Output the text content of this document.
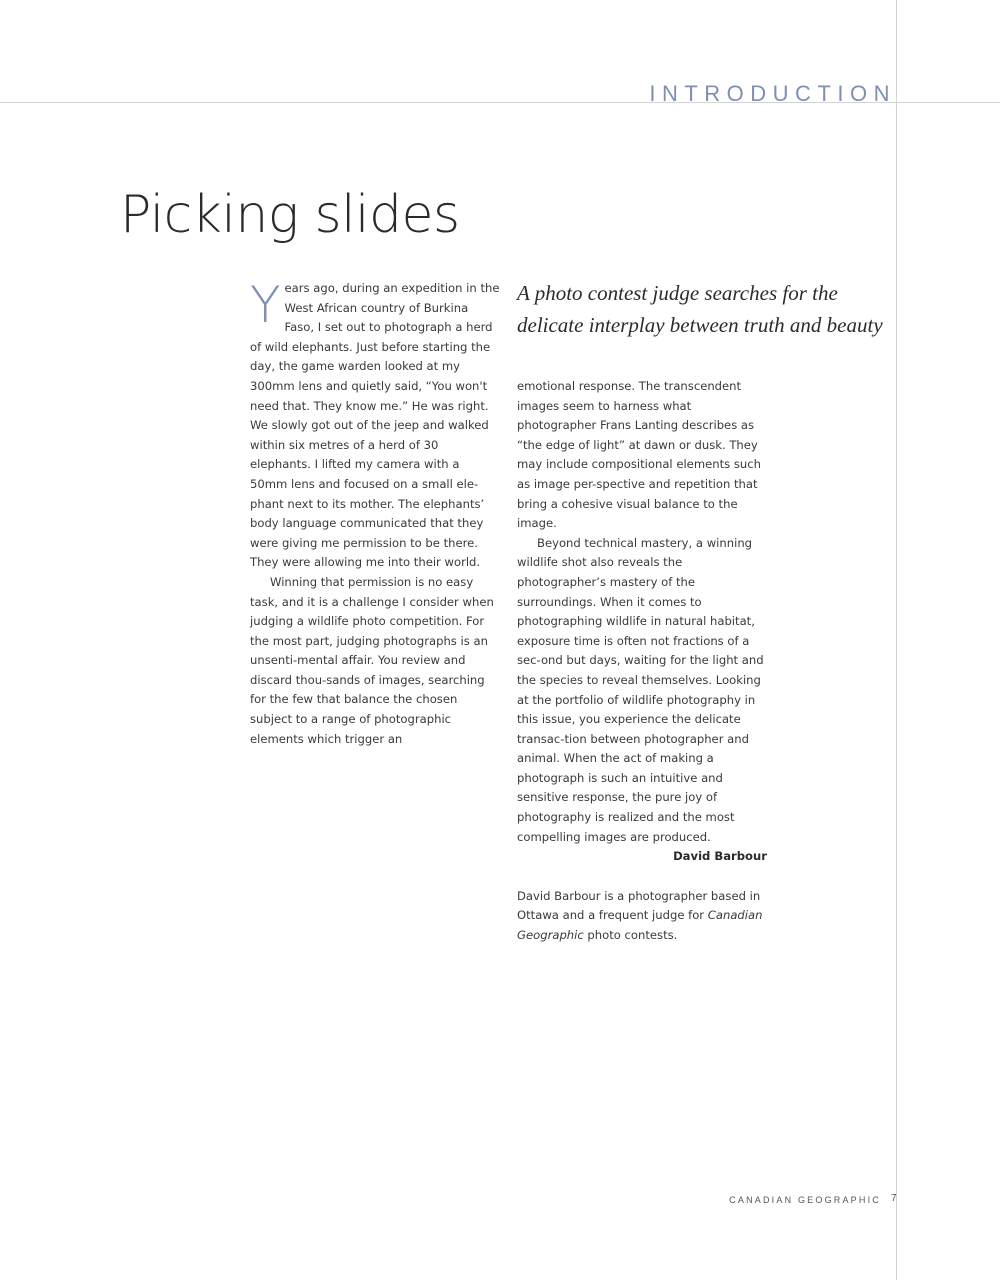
INTRODUCTION
Picking slides

Years ago, during an expedition in the West African country of Burkina Faso, I set out to photograph a herd of wild elephants. Just before starting the day, the game warden looked at my 300mm lens and quietly said, “You won't need that. They know me.” He was right. We slowly got out of the jeep and walked within six metres of a herd of 30 elephants. I lifted my camera with a 50mm lens and focused on a small ele-phant next to its mother. The elephants’ body language communicated that they were giving me permission to be there. They were allowing me into their world.

Winning that permission is no easy task, and it is a challenge I consider when judging a wildlife photo competition. For the most part, judging photographs is an unsenti-mental affair. You review and discard thou-sands of images, searching for the few that balance the chosen subject to a range of photographic elements which trigger an

A photo contest judge searches for the delicate interplay between truth and beauty

emotional response. The transcendent images seem to harness what photographer Frans Lanting describes as “the edge of light” at dawn or dusk. They may include compositional elements such as image per-spective and repetition that bring a cohesive visual balance to the image.

Beyond technical mastery, a winning wildlife shot also reveals the photographer’s mastery of the surroundings. When it comes to photographing wildlife in natural habitat, exposure time is often not fractions of a sec-ond but days, waiting for the light and the species to reveal themselves. Looking at the portfolio of wildlife photography in this issue, you experience the delicate transac-tion between photographer and animal. When the act of making a photograph is such an intuitive and sensitive response, the pure joy of photography is realized and the most compelling images are produced.

David Barbour

David Barbour is a photographer based in Ottawa and a frequent judge for Canadian Geographic photo contests.

CANADIAN GEOGRAPHIC 7
